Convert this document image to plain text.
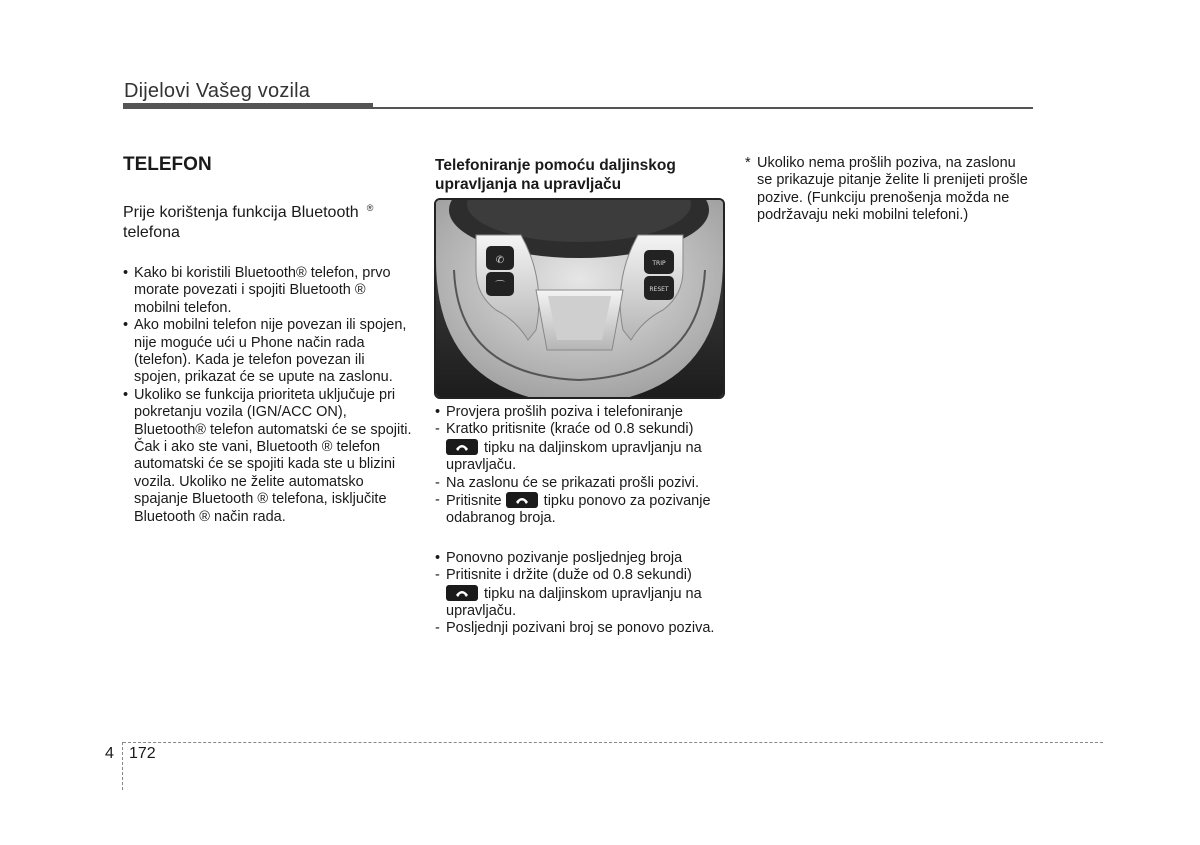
Dijelovi Vašeg vozila
TELEFON
Prije korištenja funkcija Bluetooth ®
telefona
• Kako bi koristili Bluetooth® telefon, prvo morate povezati i spojiti Bluetooth ® mobilni telefon.
• Ako mobilni telefon nije povezan ili spojen, nije moguće ući u Phone način rada (telefon). Kada je telefon povezan ili spojen, prikazat će se upute na zaslonu.
• Ukoliko se funkcija prioriteta uključuje pri pokretanju vozila (IGN/ACC ON), Bluetooth® telefon automatski će se spojiti. Čak i ako ste vani, Bluetooth ® telefon automatski će se spojiti kada ste u blizini vozila. Ukoliko ne želite automatsko spajanje Bluetooth ® telefona, isključite Bluetooth ® način rada.
Telefoniranje pomoću daljinskog
upravljanja na upravljaču
✆
⌒
TRIP
RESET
• Provjera prošlih poziva i telefoniranje
- Kratko pritisnite (kraće od 0.8 sekundi)

tipku na daljinskom upravljanju na upravljaču.
- Na zaslonu će se prikazati prošli pozivi.
- Pritisnite	tipku ponovo za pozivanje odabranog broja.
• Ponovno pozivanje posljednjeg broja
- Pritisnite i držite (duže od 0.8 sekundi)

tipku na daljinskom upravljanju na upravljaču.
- Posljednji pozivani broj se ponovo poziva.
* Ukoliko nema prošlih poziva, na zaslonu se prikazuje pitanje želite li prenijeti prošle pozive. (Funkciju prenošenja možda ne podržavaju neki mobilni telefoni.)
4 172
